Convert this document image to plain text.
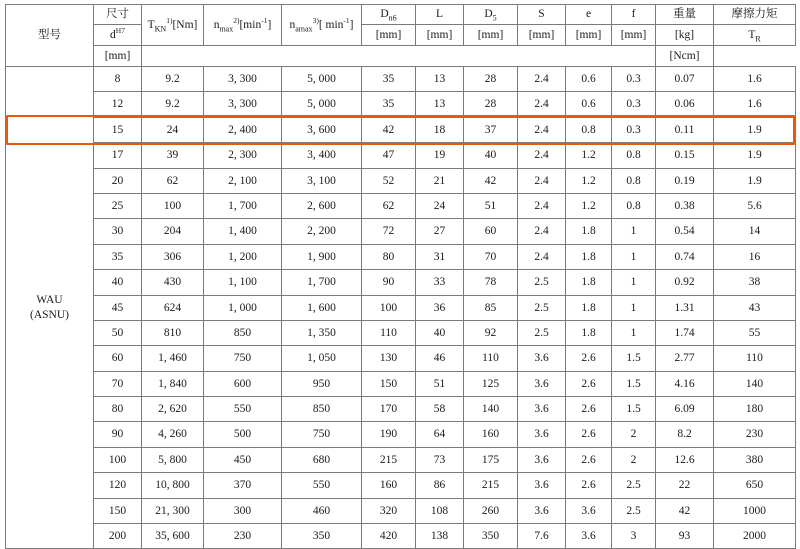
型号	尺寸	$T_{KN}^{1)}[Nm]$	$n_{max}^{2)}[\min^{-1}]$	$n_{amax}^{3)}$[ $\min^{-1}$]	$D_{n6}$	L	$D_5$	S	e	f	重量	摩擦力矩
	$d^{H7}$				[mm]	[mm]	[mm]	[mm]	[mm]	[mm]	[kg]	$T_R$
	[mm]										[Ncm]	

WAU
(ASNU)	8	9.2	3, 300	5, 000	35	13	28	2.4	0.6	0.3	0.07	1.6
	12	9.2	3, 300	5, 000	35	13	28	2.4	0.6	0.3	0.06	1.6
	15	24	2, 400	3, 600	42	18	37	2.4	0.8	0.3	0.11	1.9
	17	39	2, 300	3, 400	47	19	40	2.4	1.2	0.8	0.15	1.9
	20	62	2, 100	3, 100	52	21	42	2.4	1.2	0.8	0.19	1.9
	25	100	1, 700	2, 600	62	24	51	2.4	1.2	0.8	0.38	5.6
	30	204	1, 400	2, 200	72	27	60	2.4	1.8	1	0.54	14
	35	306	1, 200	1, 900	80	31	70	2.4	1.8	1	0.74	16
	40	430	1, 100	1, 700	90	33	78	2.5	1.8	1	0.92	38
	45	624	1, 000	1, 600	100	36	85	2.5	1.8	1	1.31	43
	50	810	850	1, 350	110	40	92	2.5	1.8	1	1.74	55
	60	1, 460	750	1, 050	130	46	110	3.6	2.6	1.5	2.77	110
	70	1, 840	600	950	150	51	125	3.6	2.6	1.5	4.16	140
	80	2, 620	550	850	170	58	140	3.6	2.6	1.5	6.09	180
	90	4, 260	500	750	190	64	160	3.6	2.6	2	8.2	230
	100	5, 800	450	680	215	73	175	3.6	2.6	2	12.6	380
	120	10, 800	370	550	160	86	215	3.6	2.6	2.5	22	650
	150	21, 300	300	460	320	108	260	3.6	3.6	2.5	42	1000
	200	35, 600	230	350	420	138	350	7.6	3.6	3	93	2000
